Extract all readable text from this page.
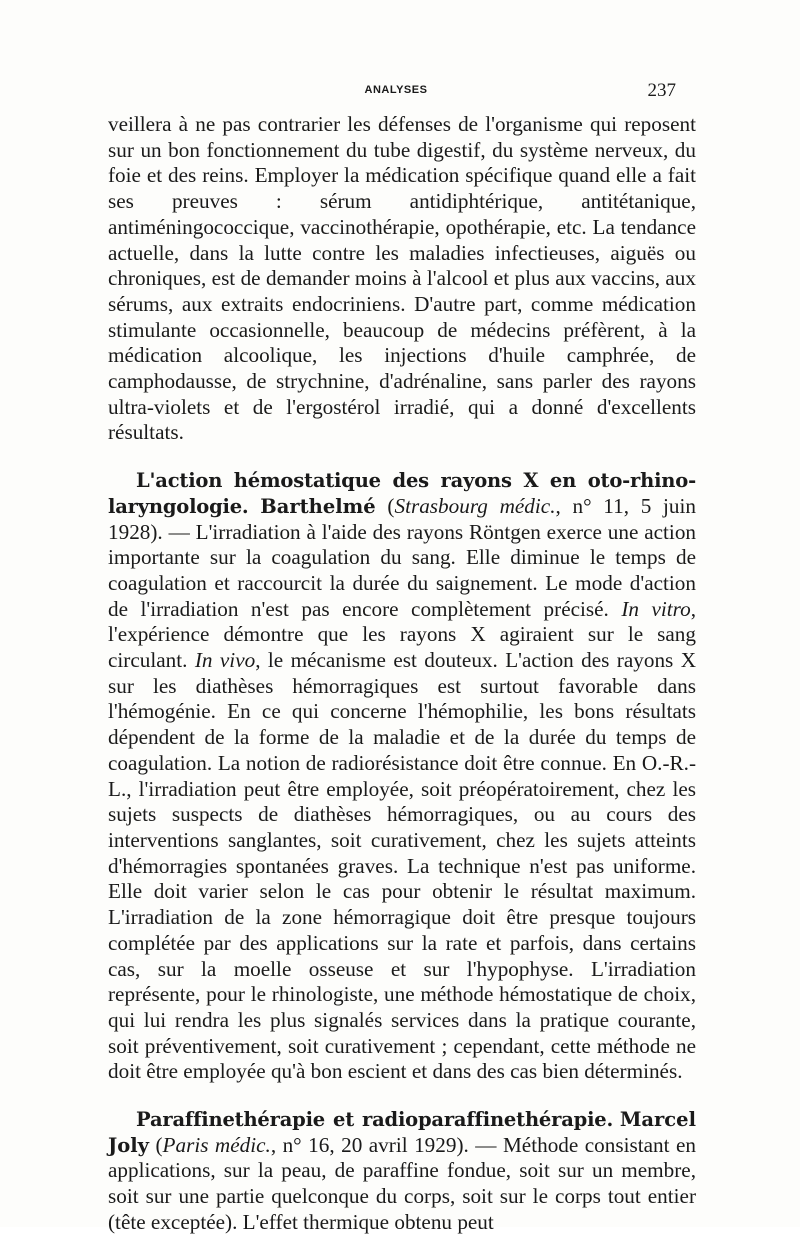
ANALYSES	237

veillera à ne pas contrarier les défenses de l'organisme qui reposent sur un bon fonctionnement du tube digestif, du système nerveux, du foie et des reins. Employer la médication spécifique quand elle a fait ses preuves : sérum antidiphtérique, antitétanique, antiméningococcique, vaccinothérapie, opothérapie, etc. La tendance actuelle, dans la lutte contre les maladies infectieuses, aiguës ou chroniques, est de demander moins à l'alcool et plus aux vaccins, aux sérums, aux extraits endocriniens. D'autre part, comme médication stimulante occasionnelle, beaucoup de médecins préfèrent, à la médication alcoolique, les injections d'huile camphrée, de camphodausse, de strychnine, d'adrénaline, sans parler des rayons ultra-violets et de l'ergostérol irradié, qui a donné d'excellents résultats.

L'action hémostatique des rayons X en oto-rhino-laryngologie. Barthelmé (Strasbourg médic., n° 11, 5 juin 1928). — L'irradiation à l'aide des rayons Röntgen exerce une action importante sur la coagulation du sang. Elle diminue le temps de coagulation et raccourcit la durée du saignement. Le mode d'action de l'irradiation n'est pas encore complètement précisé. In vitro, l'expérience démontre que les rayons X agiraient sur le sang circulant. In vivo, le mécanisme est douteux. L'action des rayons X sur les diathèses hémorragiques est surtout favorable dans l'hémogénie. En ce qui concerne l'hémophilie, les bons résultats dépendent de la forme de la maladie et de la durée du temps de coagulation. La notion de radiorésistance doit être connue. En O.-R.-L., l'irradiation peut être employée, soit préopératoirement, chez les sujets suspects de diathèses hémorragiques, ou au cours des interventions sanglantes, soit curativement, chez les sujets atteints d'hémorragies spontanées graves. La technique n'est pas uniforme. Elle doit varier selon le cas pour obtenir le résultat maximum. L'irradiation de la zone hémorragique doit être presque toujours complétée par des applications sur la rate et parfois, dans certains cas, sur la moelle osseuse et sur l'hypophyse. L'irradiation représente, pour le rhinologiste, une méthode hémostatique de choix, qui lui rendra les plus signalés services dans la pratique courante, soit préventivement, soit curativement ; cependant, cette méthode ne doit être employée qu'à bon escient et dans des cas bien déterminés.

Paraffinethérapie et radioparaffinethérapie. Marcel Joly (Paris médic., n° 16, 20 avril 1929). — Méthode consistant en applications, sur la peau, de paraffine fondue, soit sur un membre, soit sur une partie quelconque du corps, soit sur le corps tout entier (tête exceptée). L'effet thermique obtenu peut
